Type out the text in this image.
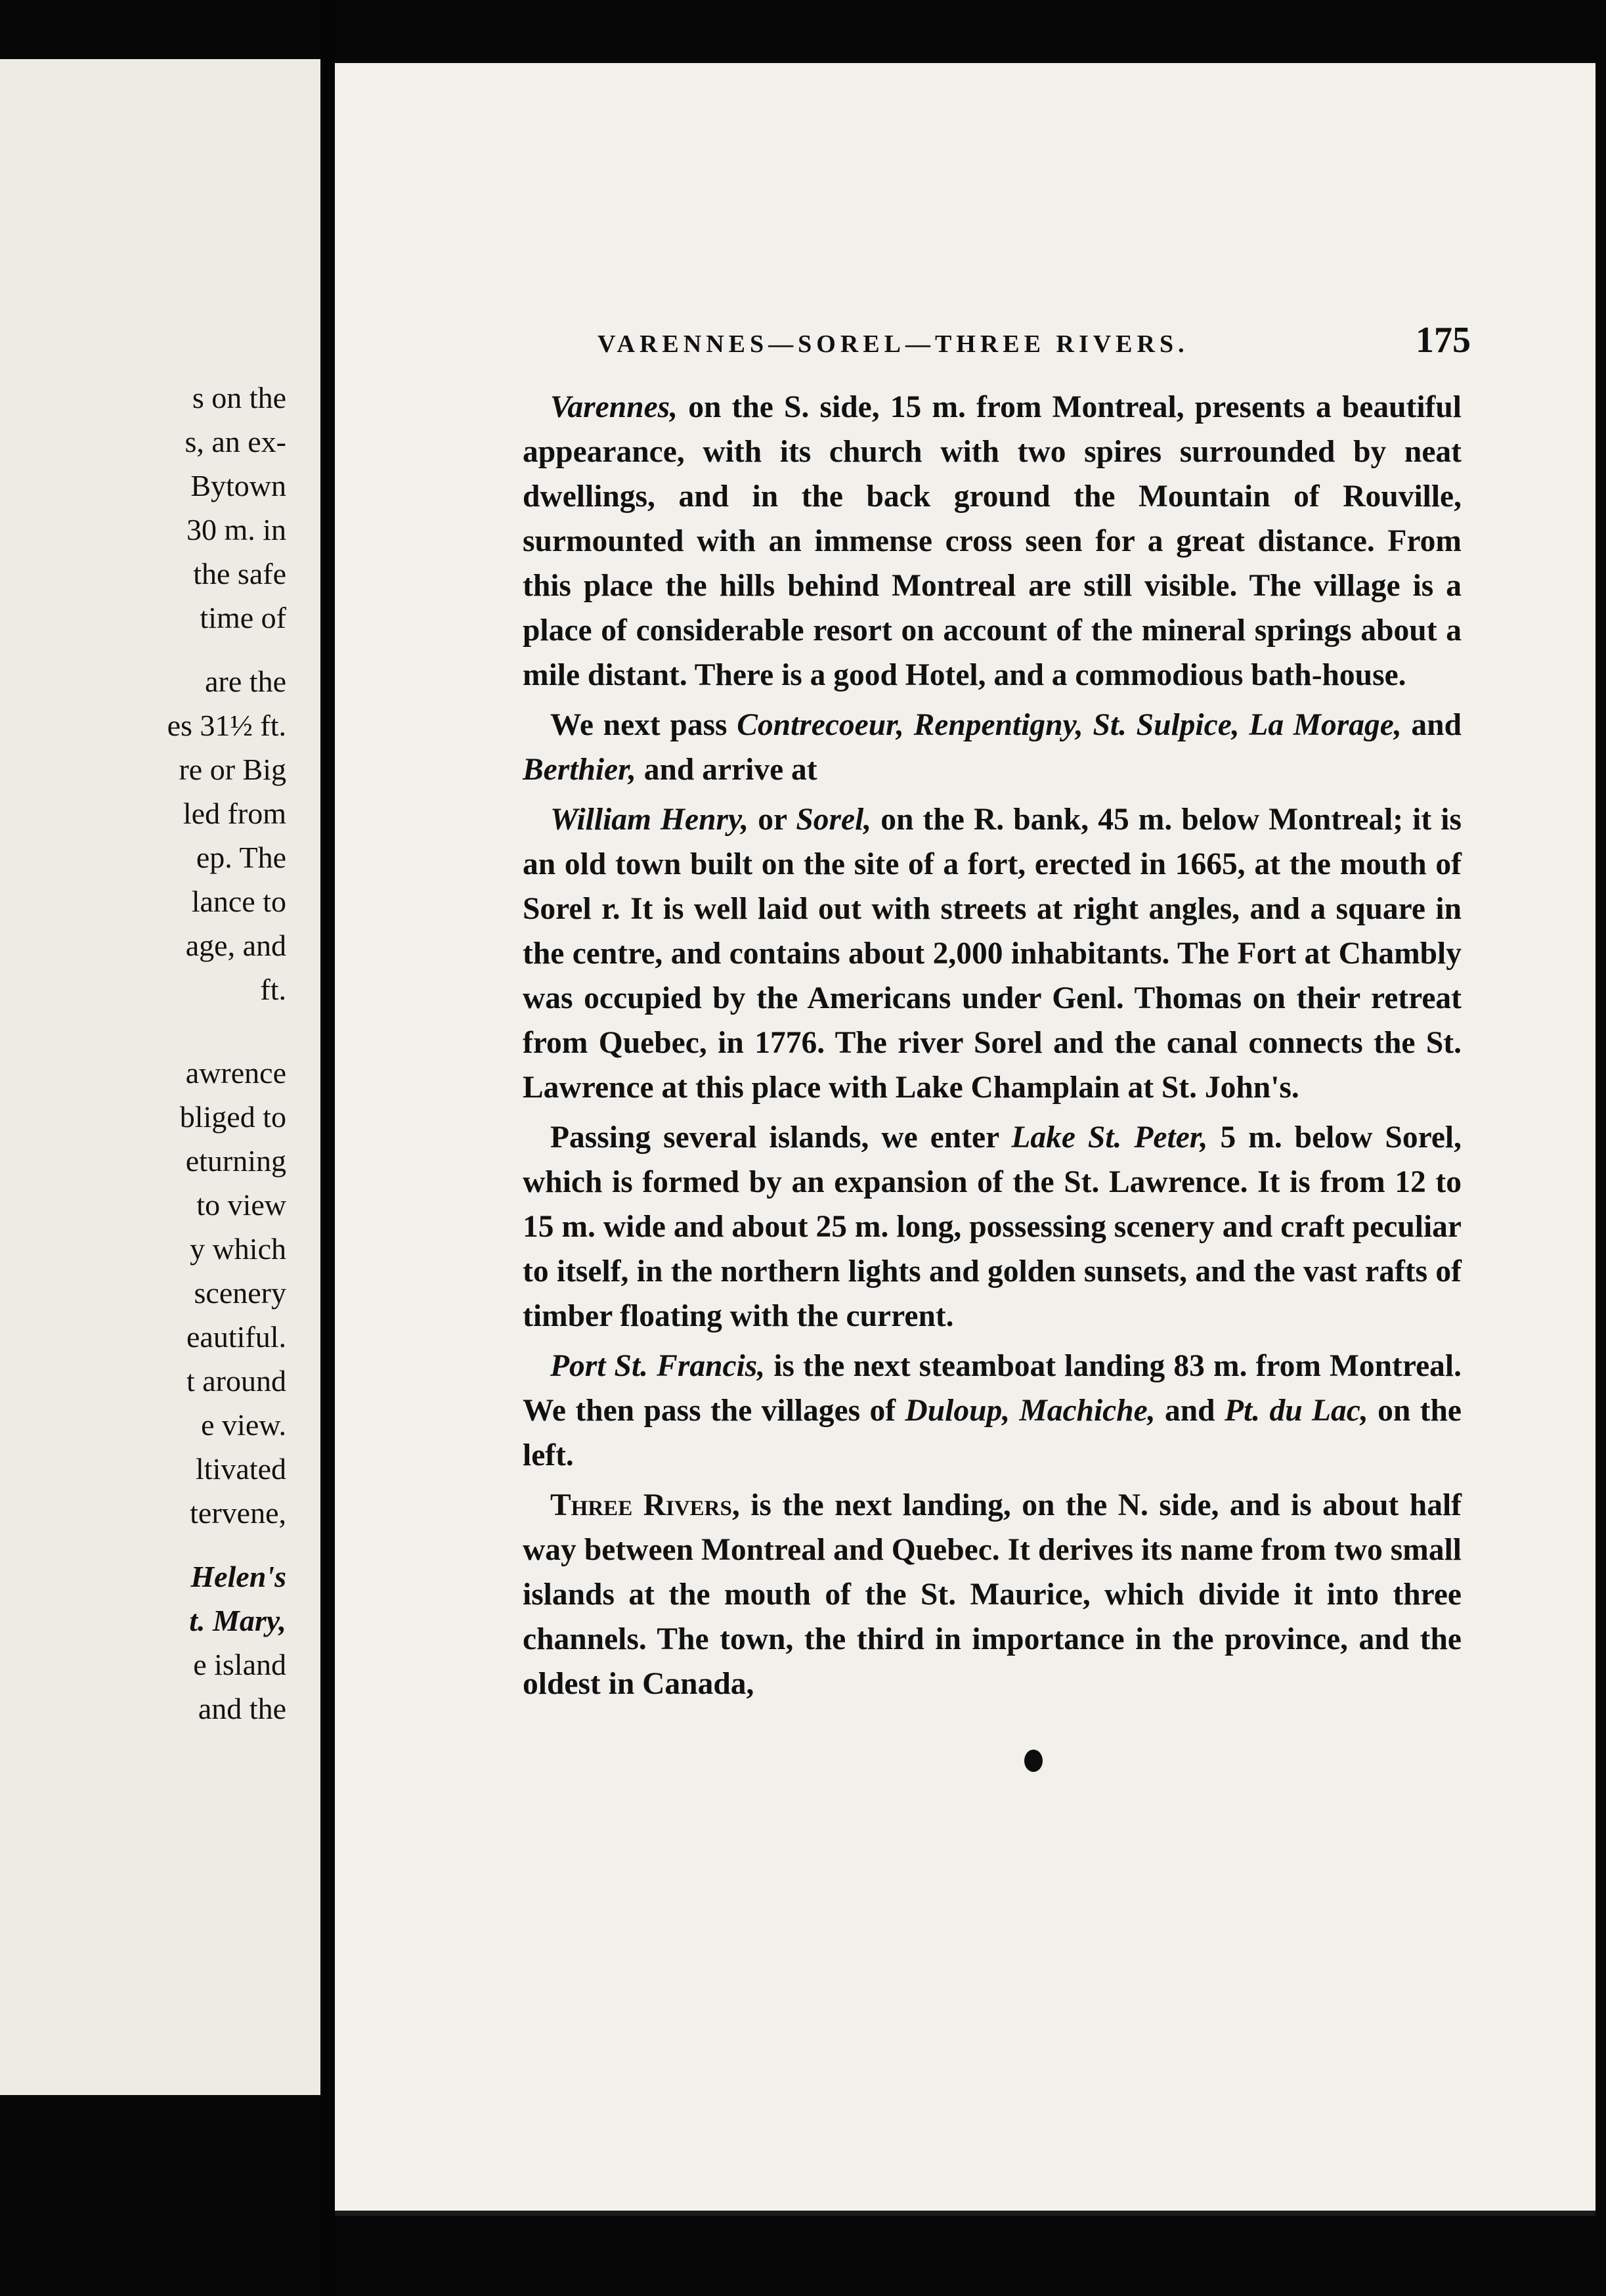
s on the
s, an ex-
Bytown
30 m. in
the safe
time of
are the
es 31½ ft.
re or Big
led from
ep. The
lance to
age, and
ft.
awrence
bliged to
eturning
to view
y which
scenery
eautiful.
t around
e view.
ltivated
tervene,
Helen's
t. Mary,
e island
and the
VARENNES—SOREL—THREE RIVERS.	175

Varennes, on the S. side, 15 m. from Montreal, presents a beautiful appearance, with its church with two spires surrounded by neat dwellings, and in the back ground the Mountain of Rouville, surmounted with an immense cross seen for a great distance. From this place the hills behind Montreal are still visible. The village is a place of considerable resort on account of the mineral springs about a mile distant. There is a good Hotel, and a commodious bath-house.

We next pass Contrecoeur, Renpentigny, St. Sulpice, La Morage, and Berthier, and arrive at

William Henry, or Sorel, on the R. bank, 45 m. below Montreal; it is an old town built on the site of a fort, erected in 1665, at the mouth of Sorel r. It is well laid out with streets at right angles, and a square in the centre, and contains about 2,000 inhabitants. The Fort at Chambly was occupied by the Americans under Genl. Thomas on their retreat from Quebec, in 1776. The river Sorel and the canal connects the St. Lawrence at this place with Lake Champlain at St. John's.

Passing several islands, we enter Lake St. Peter, 5 m. below Sorel, which is formed by an expansion of the St. Lawrence. It is from 12 to 15 m. wide and about 25 m. long, possessing scenery and craft peculiar to itself, in the northern lights and golden sunsets, and the vast rafts of timber floating with the current.

Port St. Francis, is the next steamboat landing 83 m. from Montreal. We then pass the villages of Duloup, Machiche, and Pt. du Lac, on the left.

Three Rivers, is the next landing, on the N. side, and is about half way between Montreal and Quebec. It derives its name from two small islands at the mouth of the St. Maurice, which divide it into three channels. The town, the third in importance in the province, and the oldest in Canada,
